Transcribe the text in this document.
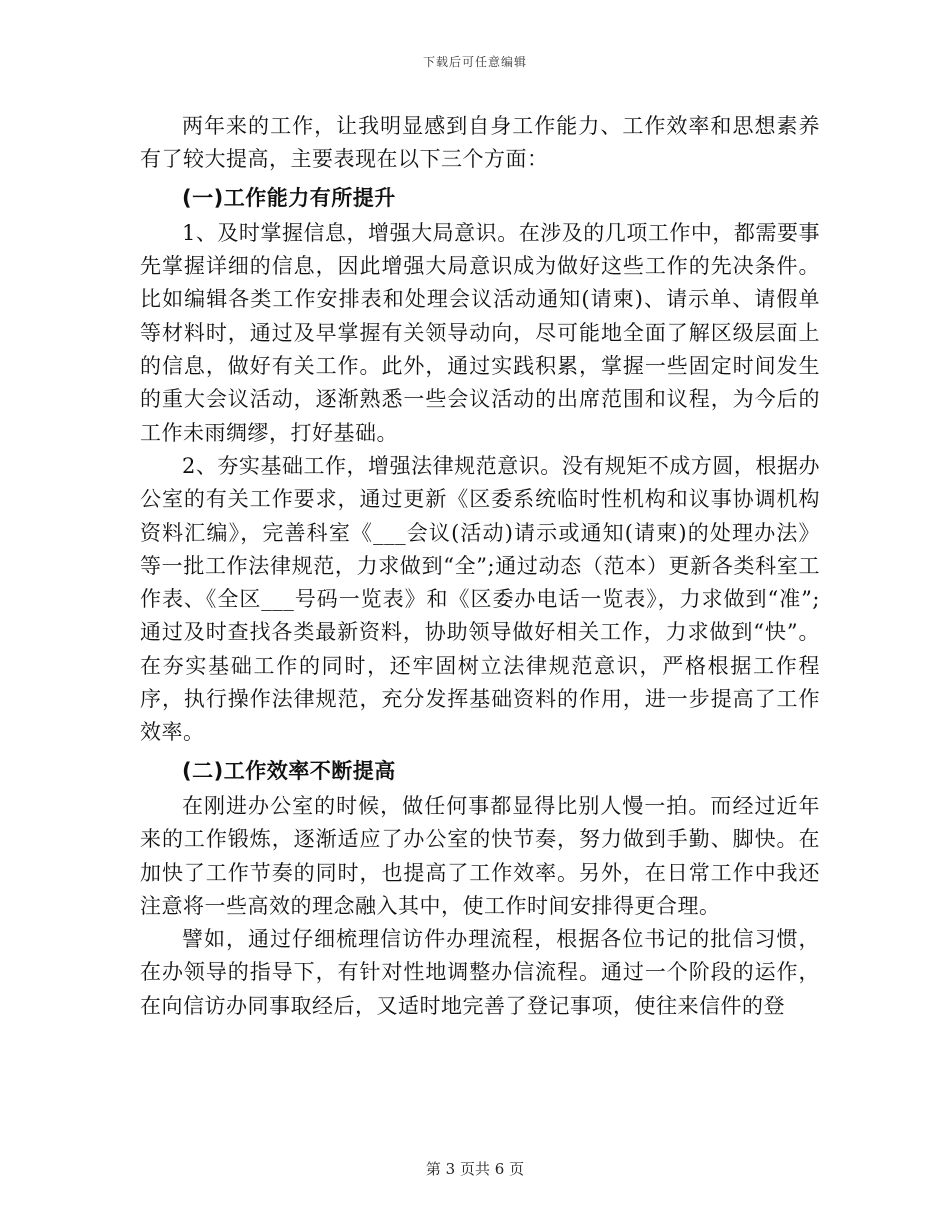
下载后可任意编辑

两年来的工作，让我明显感到自身工作能力、工作效率和思想素养有了较大提高，主要表现在以下三个方面：

(一)工作能力有所提升

1、及时掌握信息，增强大局意识。在涉及的几项工作中，都需要事先掌握详细的信息，因此增强大局意识成为做好这些工作的先决条件。比如编辑各类工作安排表和处理会议活动通知(请柬)、请示单、请假单等材料时，通过及早掌握有关领导动向，尽可能地全面了解区级层面上的信息，做好有关工作。此外，通过实践积累，掌握一些固定时间发生的重大会议活动，逐渐熟悉一些会议活动的出席范围和议程，为今后的工作未雨绸缪，打好基础。

2、夯实基础工作，增强法律规范意识。没有规矩不成方圆，根据办公室的有关工作要求，通过更新《区委系统临时性机构和议事协调机构资料汇编》，完善科室《___会议(活动)请示或通知(请柬)的处理办法》等一批工作法律规范，力求做到“全”;通过动态（范本）更新各类科室工作表、《全区___号码一览表》和《区委办电话一览表》，力求做到“准”;通过及时查找各类最新资料，协助领导做好相关工作，力求做到“快”。在夯实基础工作的同时，还牢固树立法律规范意识，严格根据工作程序，执行操作法律规范，充分发挥基础资料的作用，进一步提高了工作效率。

(二)工作效率不断提高

在刚进办公室的时候，做任何事都显得比别人慢一拍。而经过近年来的工作锻炼，逐渐适应了办公室的快节奏，努力做到手勤、脚快。在加快了工作节奏的同时，也提高了工作效率。另外，在日常工作中我还注意将一些高效的理念融入其中，使工作时间安排得更合理。

譬如，通过仔细梳理信访件办理流程，根据各位书记的批信习惯，在办领导的指导下，有针对性地调整办信流程。通过一个阶段的运作，在向信访办同事取经后，又适时地完善了登记事项，使往来信件的登

第 3 页共 6 页
